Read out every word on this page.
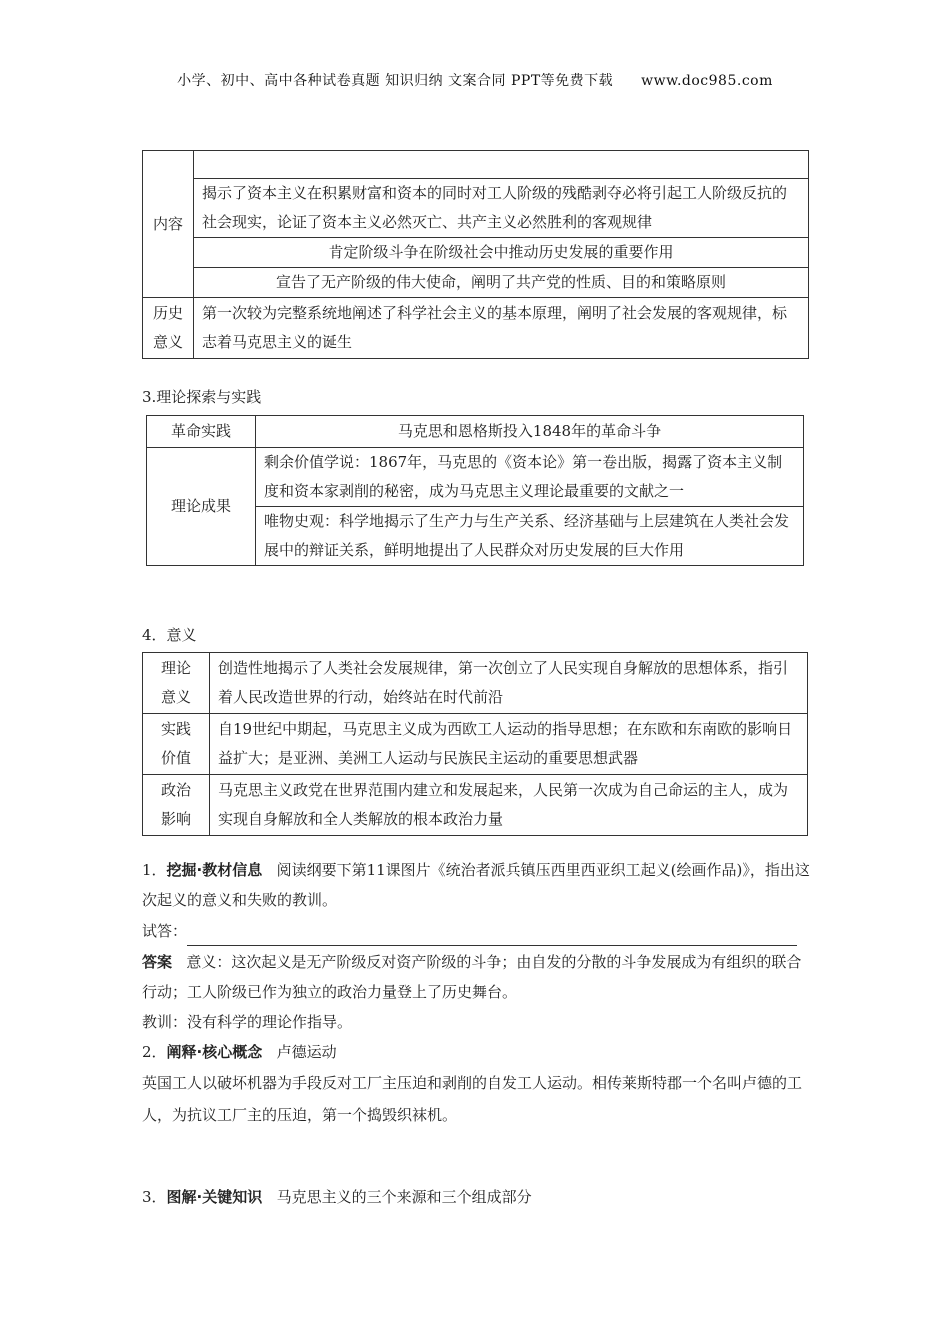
小学、初中、高中各种试卷真题 知识归纳 文案合同 PPT等免费下载 www.doc985.com
内容	
	揭示了资本主义在积累财富和资本的同时对工人阶级的残酷剥夺必将引起工人阶级反抗的社会现实，论证了资本主义必然灭亡、共产主义必然胜利的客观规律
	肯定阶级斗争在阶级社会中推动历史发展的重要作用
	宣告了无产阶级的伟大使命，阐明了共产党的性质、目的和策略原则

历史
意义	第一次较为完整系统地阐述了科学社会主义的基本原理，阐明了社会发展的客观规律，标志着马克思主义的诞生
3.理论探索与实践
革命实践	马克思和恩格斯投入1848年的革命斗争
理论成果	剩余价值学说：1867年，马克思的《资本论》第一卷出版，揭露了资本主义制度和资本家剥削的秘密，成为马克思主义理论最重要的文献之一
	唯物史观：科学地揭示了生产力与生产关系、经济基础与上层建筑在人类社会发展中的辩证关系，鲜明地提出了人民群众对历史发展的巨大作用
4．意义
理论
意义	创造性地揭示了人类社会发展规律，第一次创立了人民实现自身解放的思想体系，指引着人民改造世界的行动，始终站在时代前沿

实践
价值	自19世纪中期起，马克思主义成为西欧工人运动的指导思想；在东欧和东南欧的影响日益扩大；是亚洲、美洲工人运动与民族民主运动的重要思想武器

政治
影响	马克思主义政党在世界范围内建立和发展起来，人民第一次成为自己命运的主人，成为实现自身解放和全人类解放的根本政治力量
1．挖掘·教材信息 阅读纲要下第11课图片《统治者派兵镇压西里西亚织工起义(绘画作品)》，指出这次起义的意义和失败的教训。
试答：
答案 意义：这次起义是无产阶级反对资产阶级的斗争；由自发的分散的斗争发展成为有组织的联合行动；工人阶级已作为独立的政治力量登上了历史舞台。
教训：没有科学的理论作指导。
2．阐释·核心概念 卢德运动
英国工人以破坏机器为手段反对工厂主压迫和剥削的自发工人运动。相传莱斯特郡一个名叫卢德的工人，为抗议工厂主的压迫，第一个捣毁织袜机。
3．图解·关键知识 马克思主义的三个来源和三个组成部分
